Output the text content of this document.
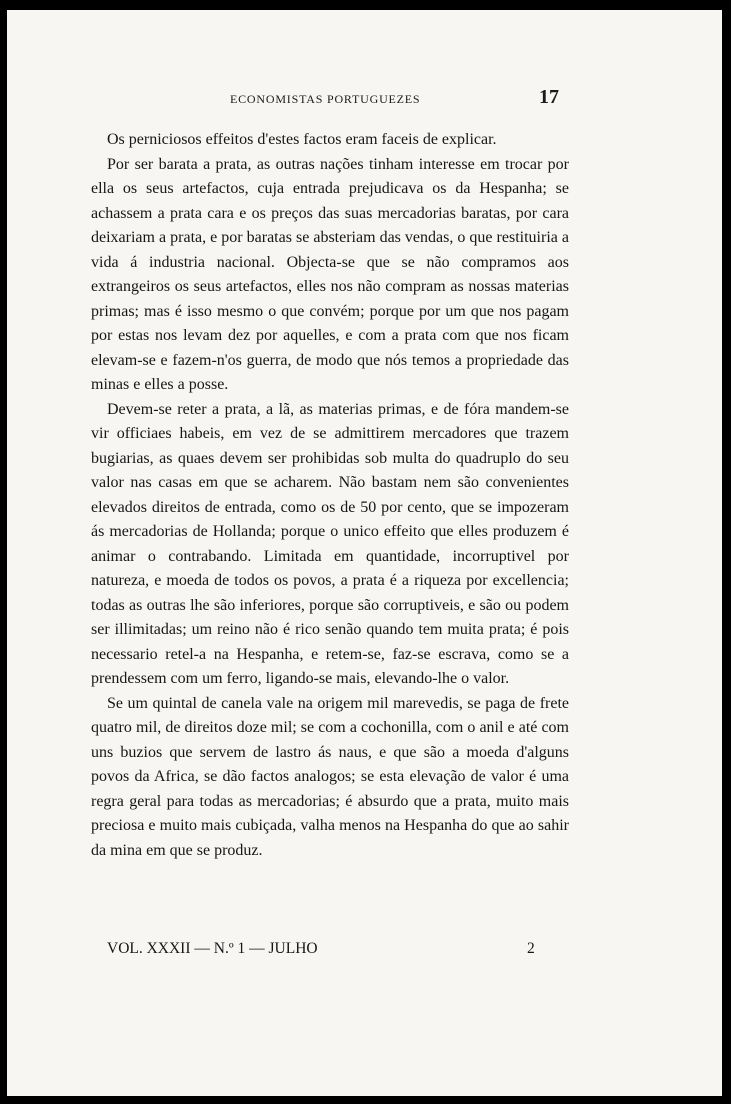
ECONOMISTAS PORTUGUEZES	17

Os perniciosos effeitos d'estes factos eram faceis de explicar.

Por ser barata a prata, as outras nações tinham interesse em trocar por ella os seus artefactos, cuja entrada prejudicava os da Hespanha; se achassem a prata cara e os preços das suas mercadorias baratas, por cara deixariam a prata, e por baratas se absteriam das vendas, o que restituiria a vida á industria nacional. Objecta-se que se não compramos aos extrangeiros os seus artefactos, elles nos não compram as nossas materias primas; mas é isso mesmo o que convém; porque por um que nos pagam por estas nos levam dez por aquelles, e com a prata com que nos ficam elevam-se e fazem-n'os guerra, de modo que nós temos a propriedade das minas e elles a posse.

Devem-se reter a prata, a lã, as materias primas, e de fóra mandem-se vir officiaes habeis, em vez de se admittirem mercadores que trazem bugiarias, as quaes devem ser prohibidas sob multa do quadruplo do seu valor nas casas em que se acharem. Não bastam nem são convenientes elevados direitos de entrada, como os de 50 por cento, que se impozeram ás mercadorias de Hollanda; porque o unico effeito que elles produzem é animar o contrabando. Limitada em quantidade, incorruptivel por natureza, e moeda de todos os povos, a prata é a riqueza por excellencia; todas as outras lhe são inferiores, porque são corruptiveis, e são ou podem ser illimitadas; um reino não é rico senão quando tem muita prata; é pois necessario retel-a na Hespanha, e retem-se, faz-se escrava, como se a prendessem com um ferro, ligando-se mais, elevando-lhe o valor.

Se um quintal de canela vale na origem mil marevedis, se paga de frete quatro mil, de direitos doze mil; se com a cochonilla, com o anil e até com uns buzios que servem de lastro ás naus, e que são a moeda d'alguns povos da Africa, se dão factos analogos; se esta elevação de valor é uma regra geral para todas as mercadorias; é absurdo que a prata, muito mais preciosa e muito mais cubiçada, valha menos na Hespanha do que ao sahir da mina em que se produz.

VOL. XXXII — N.º 1 — JULHO	2
